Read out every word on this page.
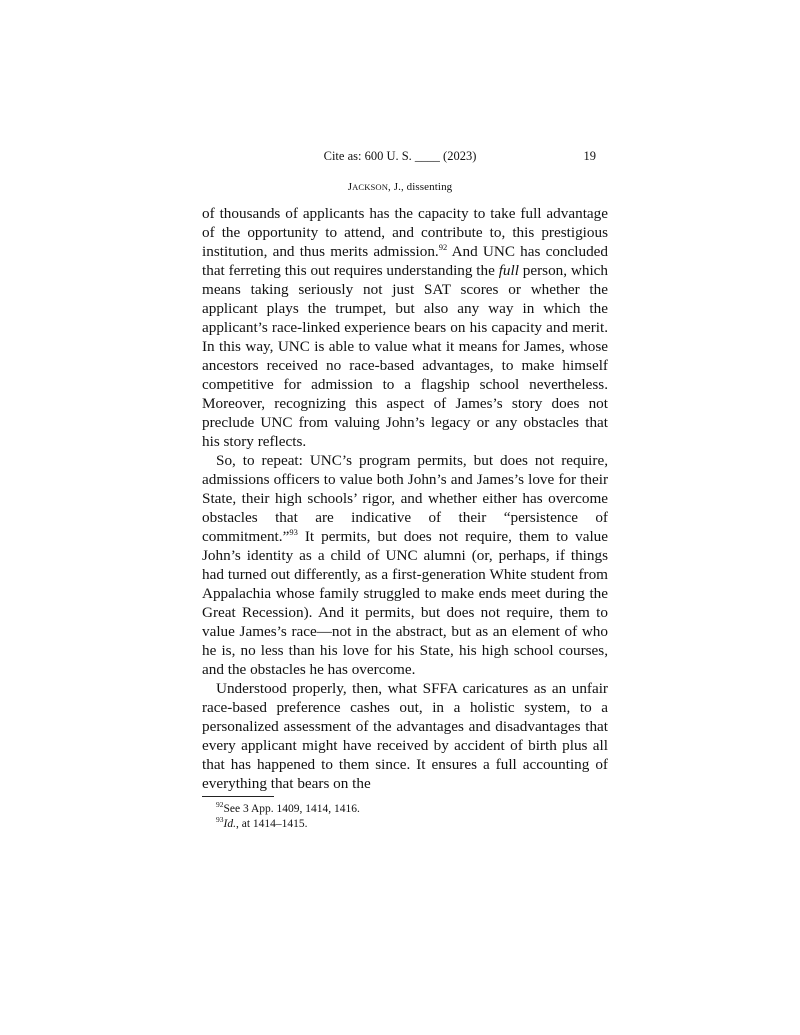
Cite as: 600 U. S. ____ (2023)	19
JACKSON, J., dissenting

of thousands of applicants has the capacity to take full advantage of the opportunity to attend, and contribute to, this prestigious institution, and thus merits admission.$^{92}$ And UNC has concluded that ferreting this out requires understanding the full person, which means taking seriously not just SAT scores or whether the applicant plays the trumpet, but also any way in which the applicant’s race-linked experience bears on his capacity and merit. In this way, UNC is able to value what it means for James, whose ancestors received no race-based advantages, to make himself competitive for admission to a flagship school nevertheless. Moreover, recognizing this aspect of James’s story does not preclude UNC from valuing John’s legacy or any obstacles that his story reflects.

So, to repeat: UNC’s program permits, but does not require, admissions officers to value both John’s and James’s love for their State, their high schools’ rigor, and whether either has overcome obstacles that are indicative of their “persistence of commitment.”$^{93}$ It permits, but does not require, them to value John’s identity as a child of UNC alumni (or, perhaps, if things had turned out differently, as a first-generation White student from Appalachia whose family struggled to make ends meet during the Great Recession). And it permits, but does not require, them to value James’s race—not in the abstract, but as an element of who he is, no less than his love for his State, his high school courses, and the obstacles he has overcome.

Understood properly, then, what SFFA caricatures as an unfair race-based preference cashes out, in a holistic system, to a personalized assessment of the advantages and disadvantages that every applicant might have received by accident of birth plus all that has happened to them since. It ensures a full accounting of everything that bears on the

$^{92}$See 3 App. 1409, 1414, 1416.
$^{93}$Id., at 1414–1415.
